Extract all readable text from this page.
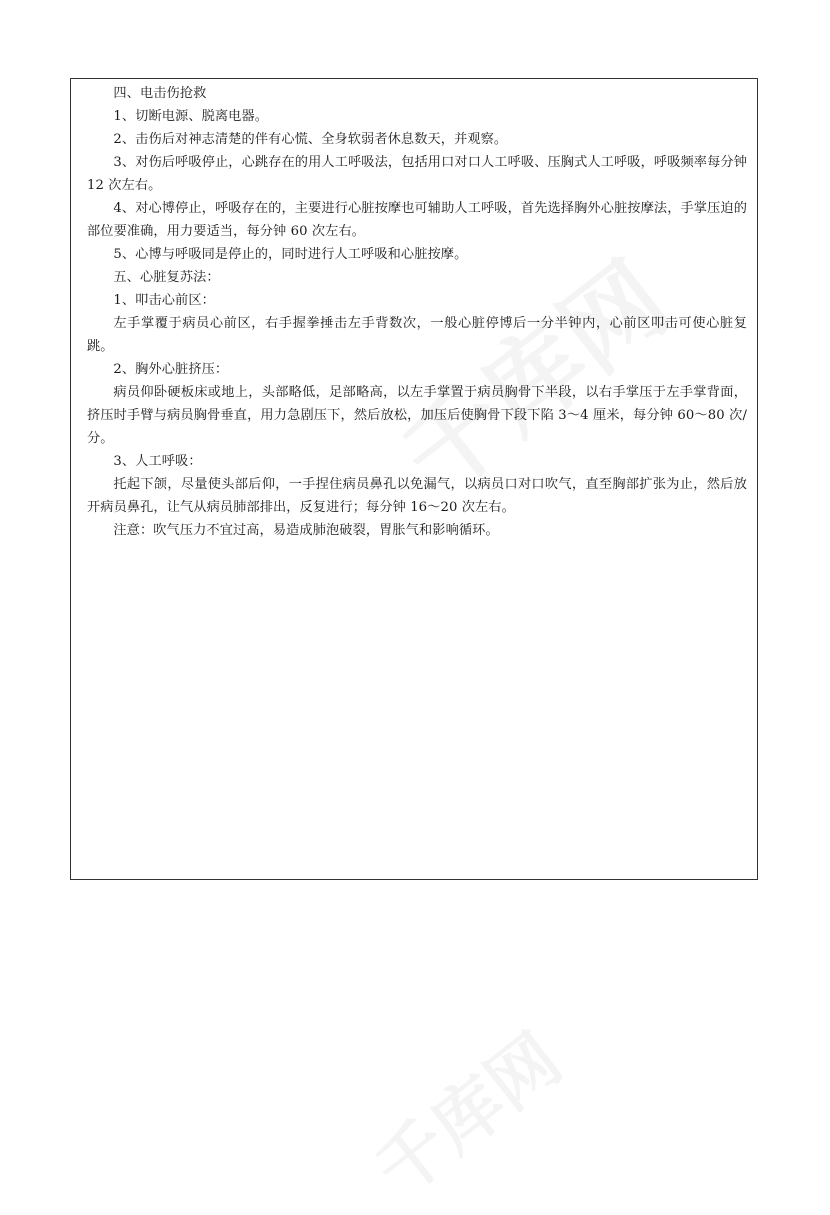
四、电击伤抢救

1、切断电源、脱离电器。

2、击伤后对神志清楚的伴有心慌、全身软弱者休息数天，并观察。

3、对伤后呼吸停止，心跳存在的用人工呼吸法，包括用口对口人工呼吸、压胸式人工呼吸，呼吸频率每分钟 12 次左右。

4、对心博停止，呼吸存在的，主要进行心脏按摩也可辅助人工呼吸，首先选择胸外心脏按摩法，手掌压迫的部位要准确，用力要适当，每分钟 60 次左右。

5、心博与呼吸同是停止的，同时进行人工呼吸和心脏按摩。

五、心脏复苏法：

1、叩击心前区：

左手掌覆于病员心前区，右手握拳捶击左手背数次，一般心脏停博后一分半钟内，心前区叩击可使心脏复跳。

2、胸外心脏挤压：

病员仰卧硬板床或地上，头部略低，足部略高，以左手掌置于病员胸骨下半段，以右手掌压于左手掌背面，挤压时手臂与病员胸骨垂直，用力急剧压下，然后放松，加压后使胸骨下段下陷 3～4 厘米，每分钟 60～80 次/分。

3、人工呼吸：

托起下颌，尽量使头部后仰，一手捏住病员鼻孔以免漏气，以病员口对口吹气，直至胸部扩张为止，然后放开病员鼻孔，让气从病员肺部排出，反复进行；每分钟 16～20 次左右。

注意：吹气压力不宜过高，易造成肺泡破裂，胃胀气和影响循环。
